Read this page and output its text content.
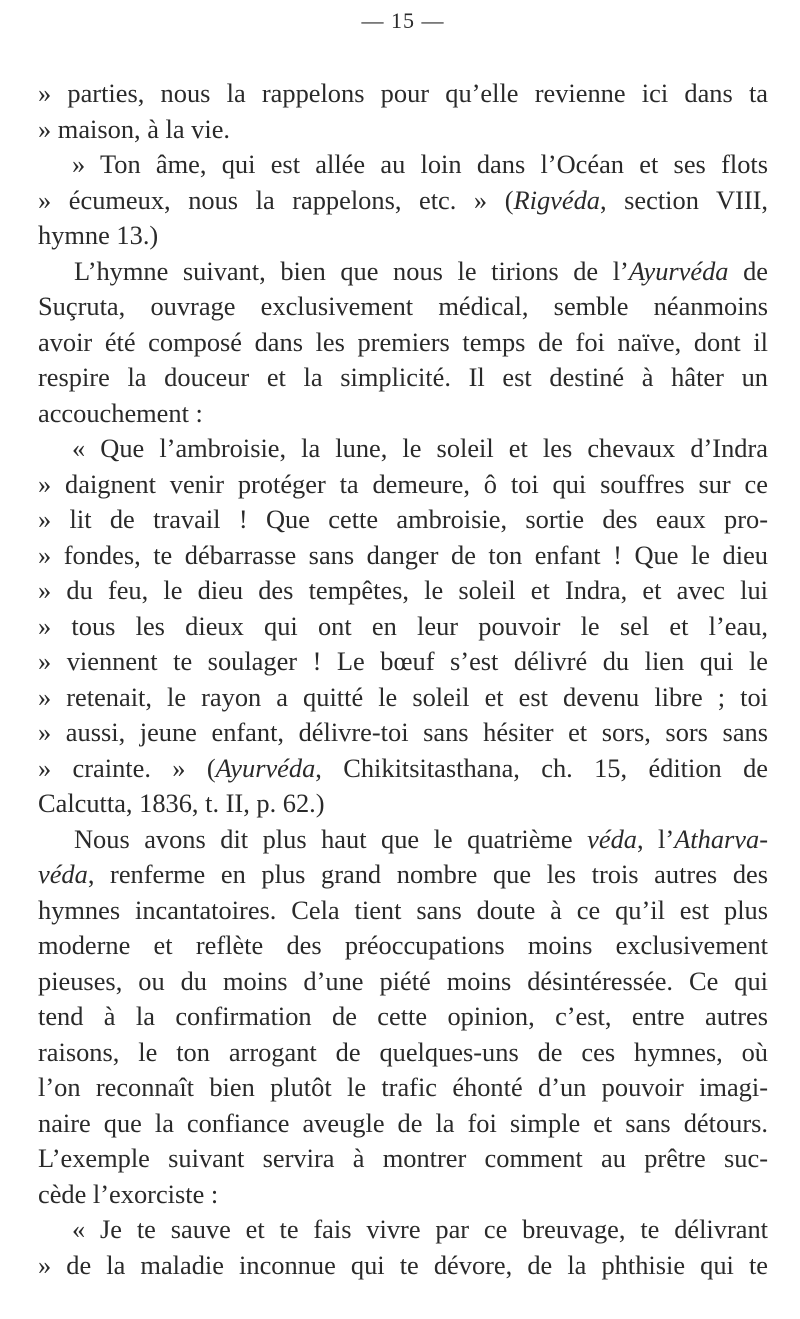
— 15 —
» parties, nous la rappelons pour qu’elle revienne ici dans ta
» maison, à la vie.
» Ton âme, qui est allée au loin dans l’Océan et ses flots
» écumeux, nous la rappelons, etc. » (Rigvéda, section VIII,
hymne 13.)
L’hymne suivant, bien que nous le tirions de l’Ayurvéda de
Suçruta, ouvrage exclusivement médical, semble néanmoins
avoir été composé dans les premiers temps de foi naïve, dont il
respire la douceur et la simplicité. Il est destiné à hâter un
accouchement :
« Que l’ambroisie, la lune, le soleil et les chevaux d’Indra
» daignent venir protéger ta demeure, ô toi qui souffres sur ce
» lit de travail ! Que cette ambroisie, sortie des eaux pro-
» fondes, te débarrasse sans danger de ton enfant ! Que le dieu
» du feu, le dieu des tempêtes, le soleil et Indra, et avec lui
» tous les dieux qui ont en leur pouvoir le sel et l’eau,
» viennent te soulager ! Le bœuf s’est délivré du lien qui le
» retenait, le rayon a quitté le soleil et est devenu libre ; toi
» aussi, jeune enfant, délivre-toi sans hésiter et sors, sors sans
» crainte. » (Ayurvéda, Chikitsitasthana, ch. 15, édition de
Calcutta, 1836, t. II, p. 62.)
Nous avons dit plus haut que le quatrième véda, l’Atharva-
véda, renferme en plus grand nombre que les trois autres des
hymnes incantatoires. Cela tient sans doute à ce qu’il est plus
moderne et reflète des préoccupations moins exclusivement
pieuses, ou du moins d’une piété moins désintéressée. Ce qui
tend à la confirmation de cette opinion, c’est, entre autres
raisons, le ton arrogant de quelques-uns de ces hymnes, où
l’on reconnaît bien plutôt le trafic éhonté d’un pouvoir imagi-
naire que la confiance aveugle de la foi simple et sans détours.
L’exemple suivant servira à montrer comment au prêtre suc-
cède l’exorciste :
« Je te sauve et te fais vivre par ce breuvage, te délivrant
» de la maladie inconnue qui te dévore, de la phthisie qui te
